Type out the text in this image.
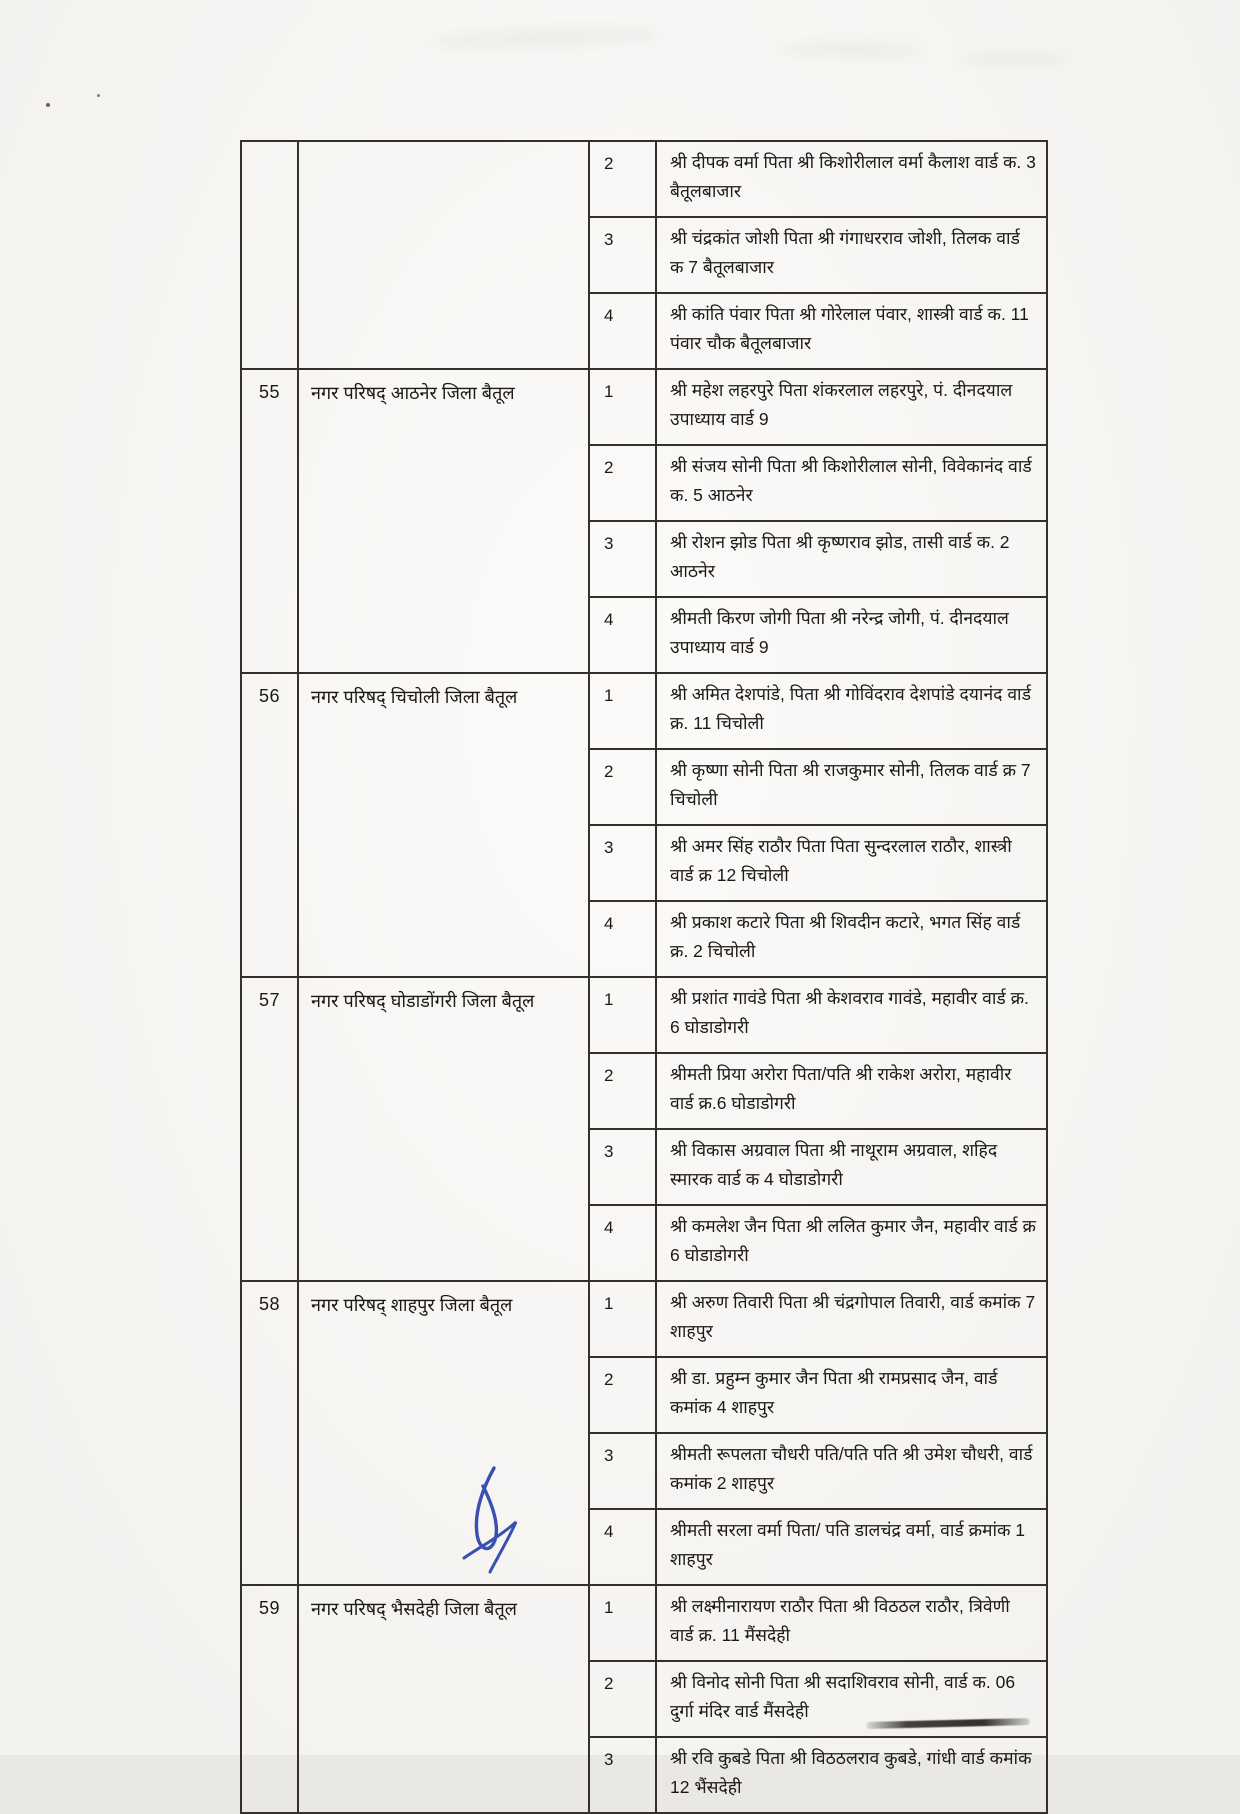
		2	श्री दीपक वर्मा पिता श्री किशोरीलाल वर्मा कैलाश वार्ड क. 3 बैतूलबाजार
		3	श्री चंद्रकांत जोशी पिता श्री गंगाधरराव जोशी, तिलक वार्ड क 7 बैतूलबाजार
		4	श्री कांति पंवार पिता श्री गोरेलाल पंवार, शास्त्री वार्ड क. 11 पंवार चौक बैतूलबाजार
55	नगर परिषद् आठनेर जिला बैतूल	1	श्री महेश लहरपुरे पिता शंकरलाल लहरपुरे, पं. दीनदयाल उपाध्याय वार्ड 9
		2	श्री संजय सोनी पिता श्री किशोरीलाल सोनी, विवेकानंद वार्ड क. 5 आठनेर
		3	श्री रोशन झोड पिता श्री कृष्णराव झोड, तासी वार्ड क. 2 आठनेर
		4	श्रीमती किरण जोगी पिता श्री नरेन्द्र जोगी, पं. दीनदयाल उपाध्याय वार्ड 9
56	नगर परिषद् चिचोली जिला बैतूल	1	श्री अमित देशपांडे, पिता श्री गोविंदराव देशपांडे दयानंद वार्ड क्र. 11 चिचोली
		2	श्री कृष्णा सोनी पिता श्री राजकुमार सोनी, तिलक वार्ड क्र 7 चिचोली
		3	श्री अमर सिंह राठौर पिता पिता सुन्दरलाल राठौर, शास्त्री वार्ड क्र 12 चिचोली
		4	श्री प्रकाश कटारे पिता श्री शिवदीन कटारे, भगत सिंह वार्ड क्र. 2 चिचोली
57	नगर परिषद् घोडाडोंगरी जिला बैतूल	1	श्री प्रशांत गावंडे पिता श्री केशवराव गावंडे, महावीर वार्ड क्र. 6 घोडाडोगरी
		2	श्रीमती प्रिया अरोरा पिता/पति श्री राकेश अरोरा, महावीर वार्ड क्र.6 घोडाडोगरी
		3	श्री विकास अग्रवाल पिता श्री नाथूराम अग्रवाल, शहिद स्मारक वार्ड क 4 घोडाडोगरी
		4	श्री कमलेश जैन पिता श्री ललित कुमार जैन, महावीर वार्ड क्र 6 घोडाडोगरी
58	नगर परिषद् शाहपुर जिला बैतूल	1	श्री अरुण तिवारी पिता श्री चंद्रगोपाल तिवारी, वार्ड कमांक 7 शाहपुर
		2	श्री डा. प्रहुम्न कुमार जैन पिता श्री रामप्रसाद जैन, वार्ड कमांक 4 शाहपुर
		3	श्रीमती रूपलता चौधरी पति/पति पति श्री उमेश चौधरी, वार्ड कमांक 2 शाहपुर
		4	श्रीमती सरला वर्मा पिता/ पति डालचंद्र वर्मा, वार्ड क्रमांक 1 शाहपुर
59	नगर परिषद् भैसदेही जिला बैतूल	1	श्री लक्ष्मीनारायण राठौर पिता श्री विठठल राठौर, त्रिवेणी वार्ड क्र. 11 मैंसदेही
		2	श्री विनोद सोनी पिता श्री सदाशिवराव सोनी, वार्ड क. 06 दुर्गा मंदिर वार्ड मैंसदेही
		3	श्री रवि कुबडे पिता श्री विठठलराव कुबडे, गांधी वार्ड कमांक 12 भैंसदेही
